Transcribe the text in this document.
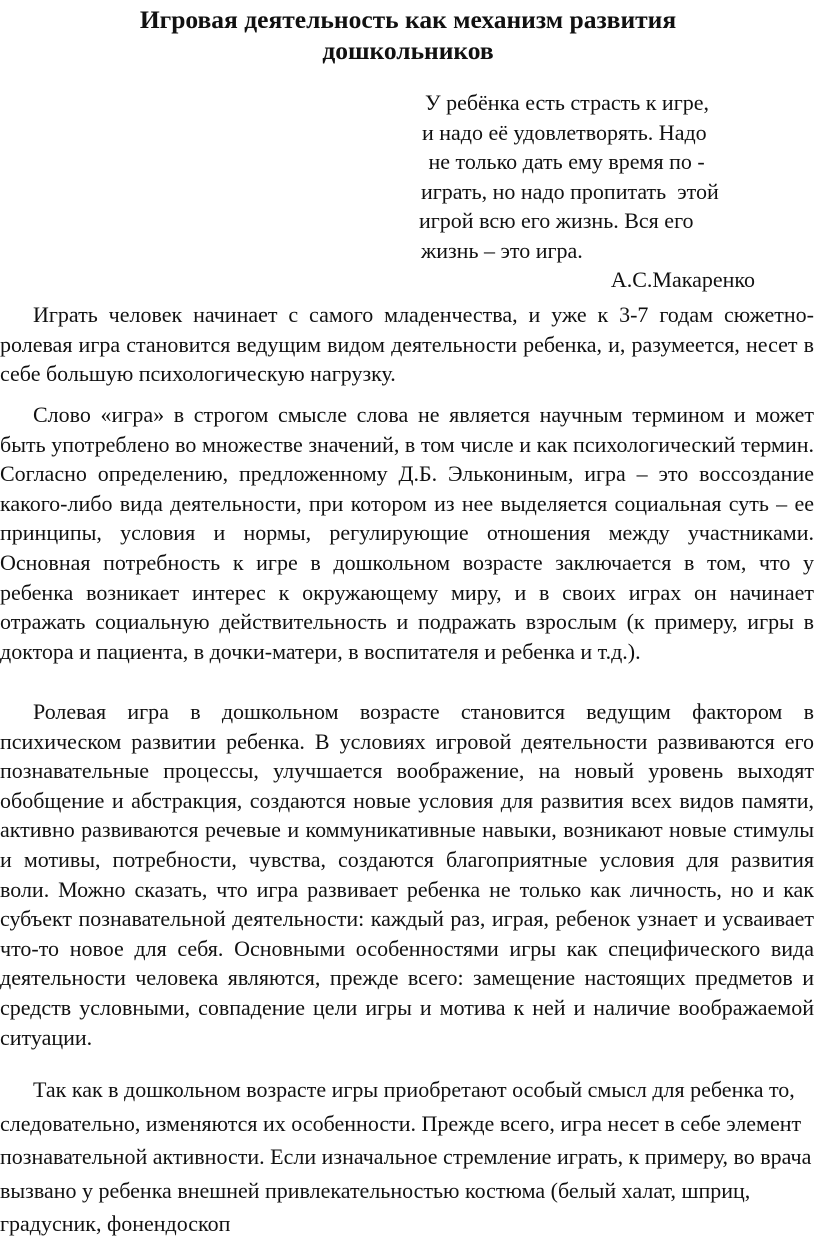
Игровая деятельность как механизм развития
дошкольников
У ребёнка есть страсть к игре,
и надо её удовлетворять. Надо
не только дать ему время по -
играть, но надо пропитать  этой
игрой всю его жизнь. Вся его
жизнь – это игра.
А.С.Макаренко

Играть человек начинает с самого младенчества, и уже к 3-7 годам сюжетно-ролевая игра становится ведущим видом деятельности ребенка, и, разумеется, несет в себе большую психологическую нагрузку.

Слово «игра» в строгом смысле слова не является научным термином и может быть употреблено во множестве значений, в том числе и как психологический термин. Согласно определению, предложенному Д.Б. Элькониным, игра – это воссоздание какого-либо вида деятельности, при котором из нее выделяется социальная суть – ее принципы, условия и нормы, регулирующие отношения между участниками. Основная потребность к игре в дошкольном возрасте заключается в том, что у ребенка возникает интерес к окружающему миру, и в своих играх он начинает отражать социальную действительность и подражать взрослым (к примеру, игры в доктора и пациента, в дочки-матери, в воспитателя и ребенка и т.д.).

Ролевая игра в дошкольном возрасте становится ведущим фактором в психическом развитии ребенка. В условиях игровой деятельности развиваются его познавательные процессы, улучшается воображение, на новый уровень выходят обобщение и абстракция, создаются новые условия для развития всех видов памяти, активно развиваются речевые и коммуникативные навыки, возникают новые стимулы и мотивы, потребности, чувства, создаются благоприятные условия для развития воли. Можно сказать, что игра развивает ребенка не только как личность, но и как субъект познавательной деятельности: каждый раз, играя, ребенок узнает и усваивает что-то новое для себя. Основными особенностями игры как специфического вида деятельности человека являются, прежде всего: замещение настоящих предметов и средств условными, совпадение цели игры и мотива к ней и наличие воображаемой ситуации.

Так как в дошкольном возрасте игры приобретают особый смысл для ребенка то, следовательно, изменяются их особенности. Прежде всего, игра несет в себе элемент познавательной активности. Если изначальное стремление играть, к примеру, во врача вызвано у ребенка внешней привлекательностью костюма (белый халат, шприц, градусник, фонендоскоп
